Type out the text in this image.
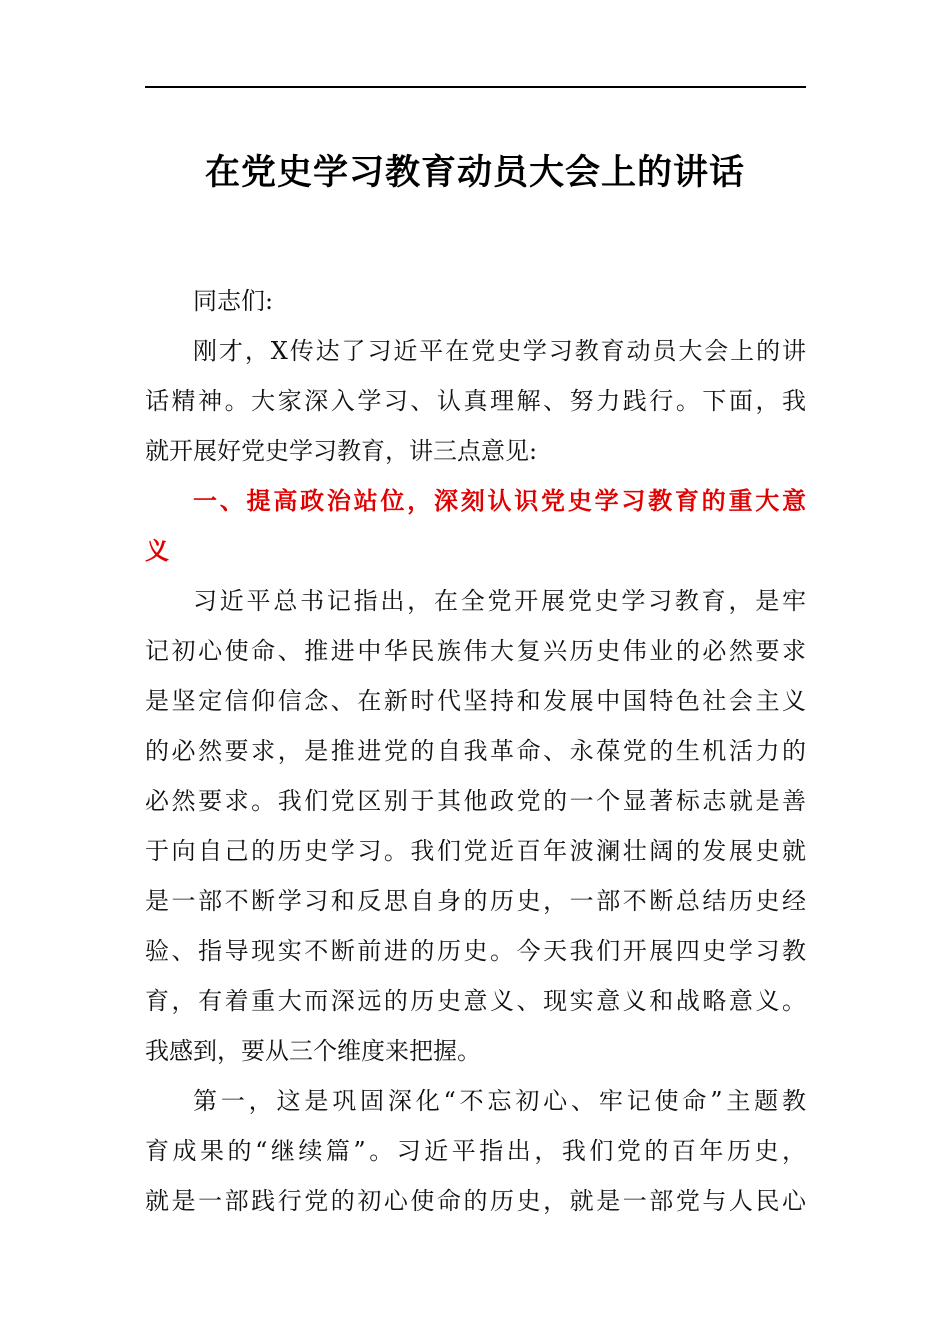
在党史学习教育动员大会上的讲话
同志们:
刚才，X传达了习近平在党史学习教育动员大会上的讲
话精神。大家深入学习、认真理解、努力践行。下面，我
就开展好党史学习教育，讲三点意见:
一、提高政治站位，深刻认识党史学习教育的重大意
义
习近平总书记指出，在全党开展党史学习教育，是牢
记初心使命、推进中华民族伟大复兴历史伟业的必然要求
是坚定信仰信念、在新时代坚持和发展中国特色社会主义
的必然要求，是推进党的自我革命、永葆党的生机活力的
必然要求。我们党区别于其他政党的一个显著标志就是善
于向自己的历史学习。我们党近百年波澜壮阔的发展史就
是一部不断学习和反思自身的历史，一部不断总结历史经
验、指导现实不断前进的历史。今天我们开展四史学习教
育，有着重大而深远的历史意义、现实意义和战略意义。
我感到，要从三个维度来把握。
第一，这是巩固深化“不忘初心、牢记使命”主题教
育成果的“继续篇”。习近平指出，我们党的百年历史，
就是一部践行党的初心使命的历史，就是一部党与人民心
